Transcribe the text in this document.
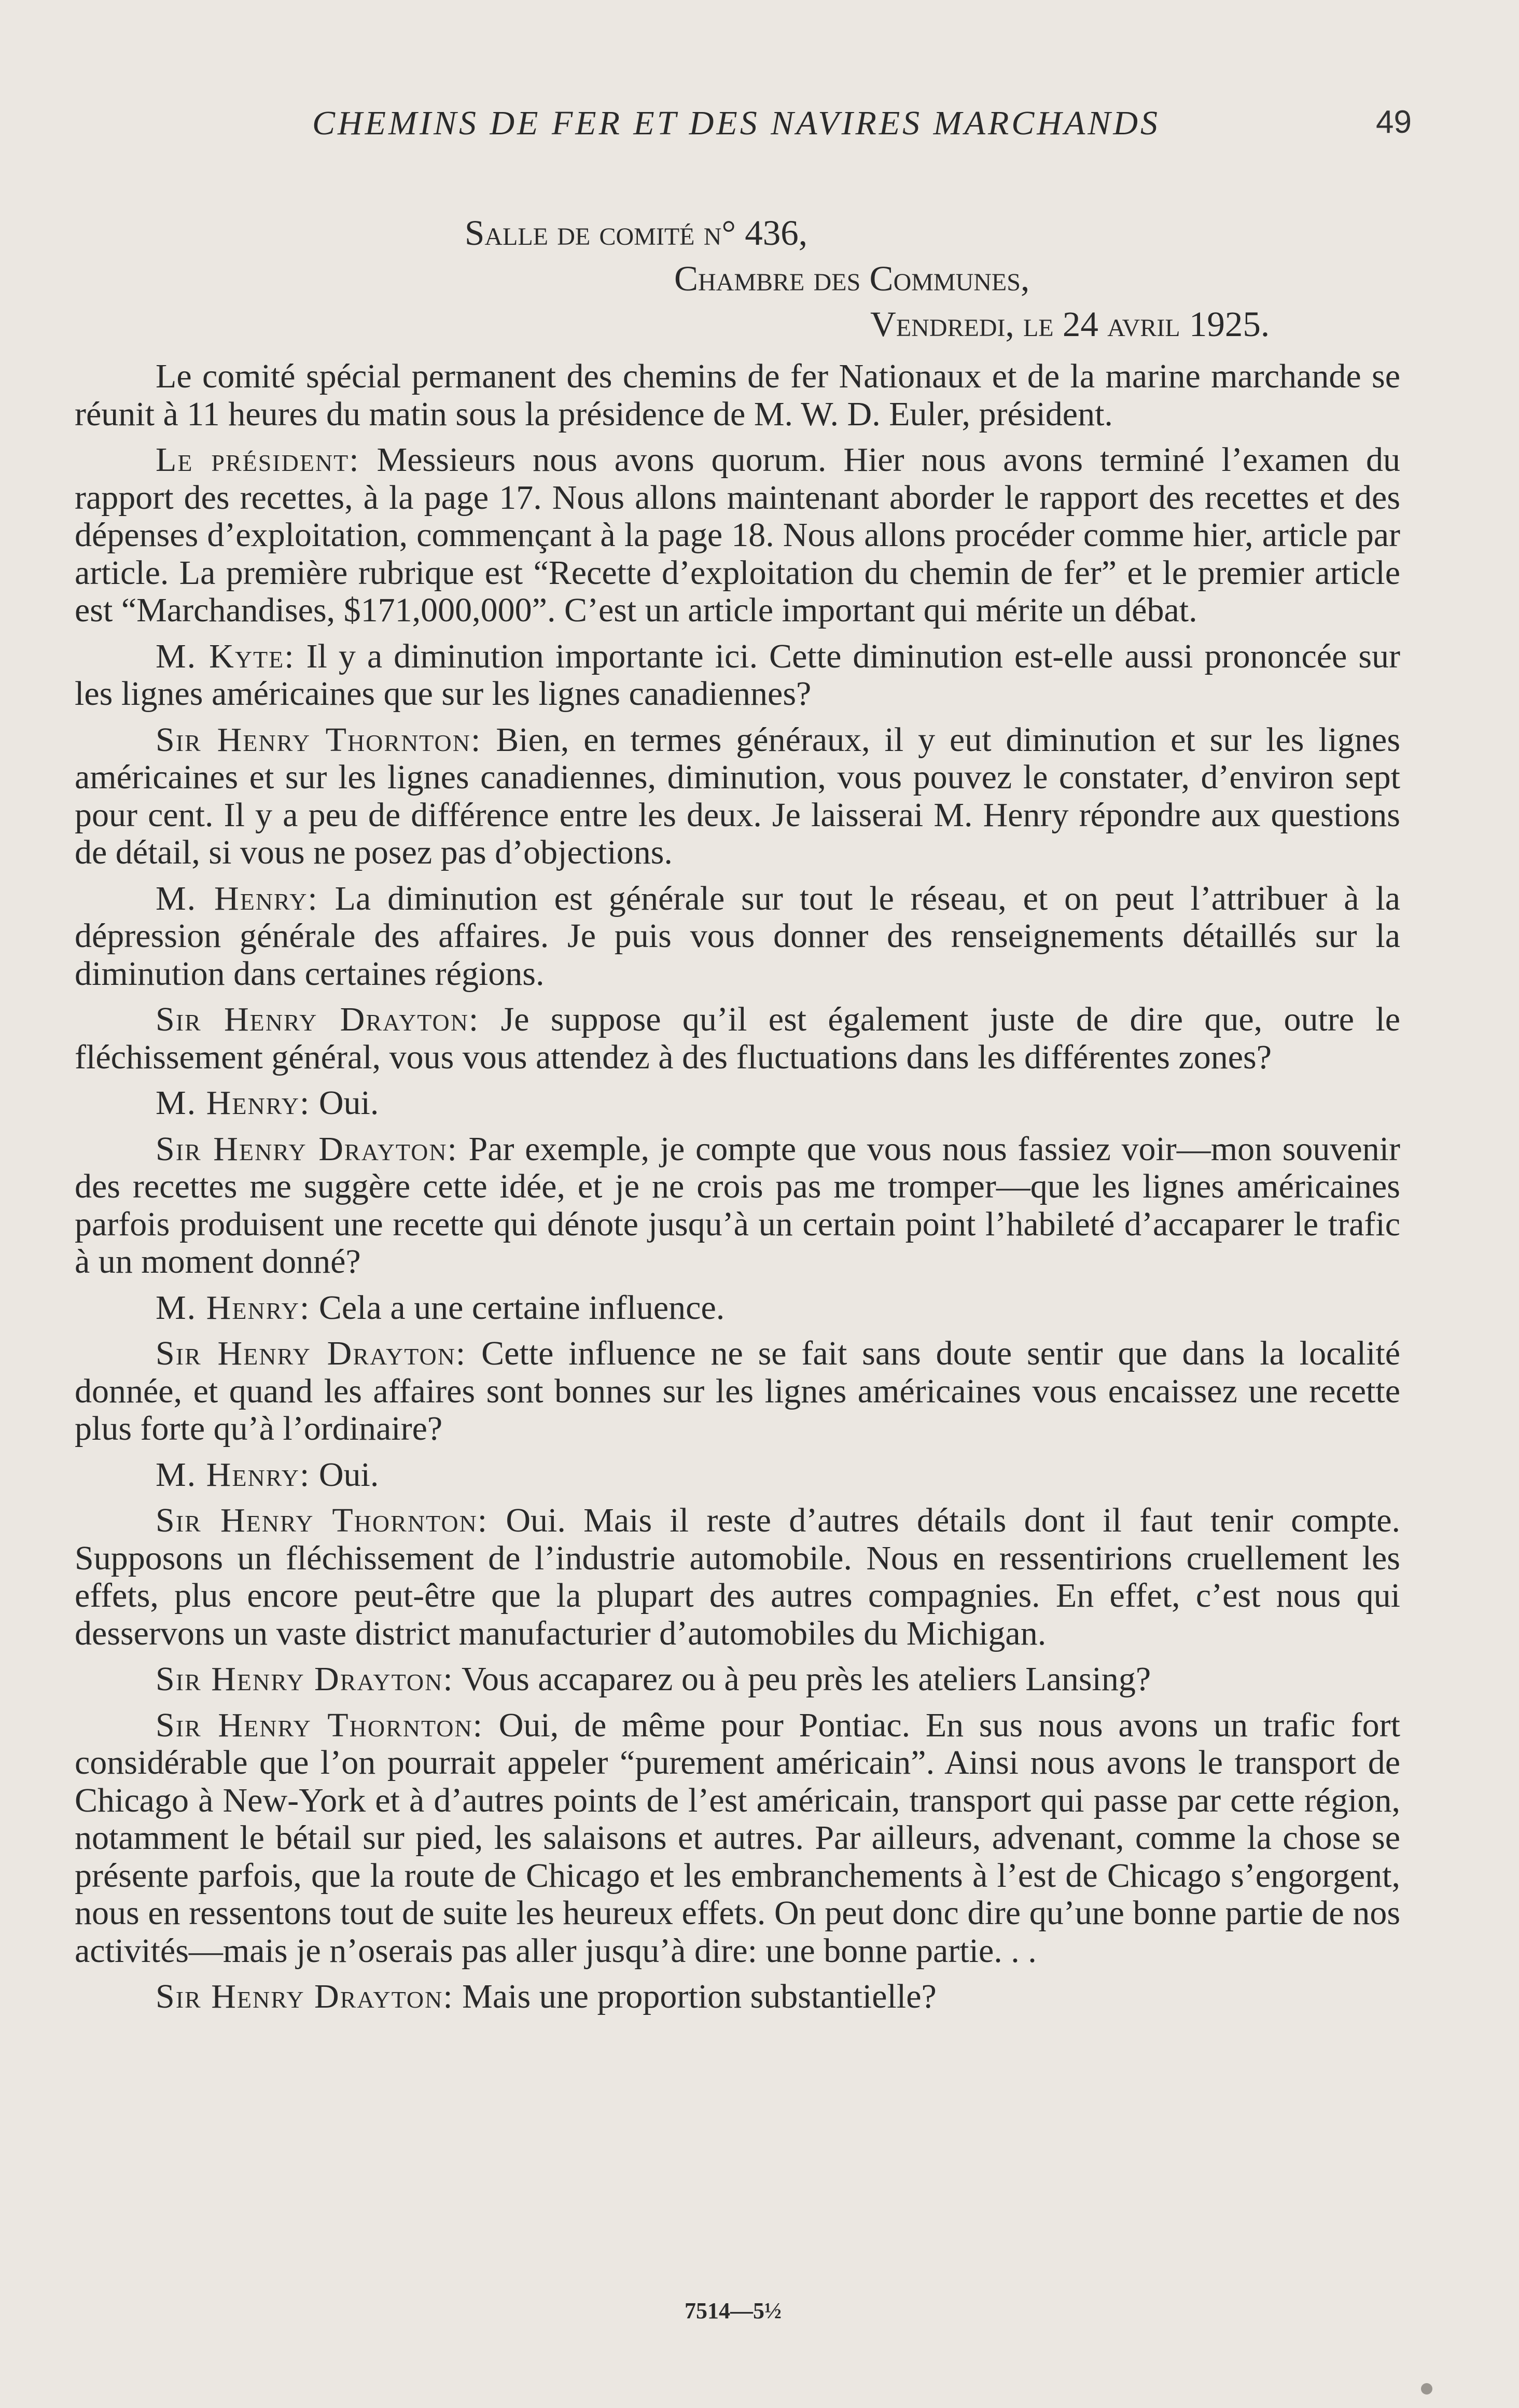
CHEMINS DE FER ET DES NAVIRES MARCHANDS	49
Salle de comité n° 436,
Chambre des Communes,
Vendredi, le 24 avril 1925.

Le comité spécial permanent des chemins de fer Nationaux et de la marine marchande se réunit à 11 heures du matin sous la présidence de M. W. D. Euler, président.

Le président: Messieurs nous avons quorum. Hier nous avons terminé l’examen du rapport des recettes, à la page 17. Nous allons maintenant aborder le rapport des recettes et des dépenses d’exploitation, commençant à la page 18. Nous allons procéder comme hier, article par article. La première rubrique est “Recette d’exploitation du chemin de fer” et le premier article est “Marchandises, $171,000,000”. C’est un article important qui mérite un débat.

M. Kyte: Il y a diminution importante ici. Cette diminution est-elle aussi prononcée sur les lignes américaines que sur les lignes canadiennes?

Sir Henry Thornton: Bien, en termes généraux, il y eut diminution et sur les lignes américaines et sur les lignes canadiennes, diminution, vous pouvez le constater, d’environ sept pour cent. Il y a peu de différence entre les deux. Je laisserai M. Henry répondre aux questions de détail, si vous ne posez pas d’objections.

M. Henry: La diminution est générale sur tout le réseau, et on peut l’attribuer à la dépression générale des affaires. Je puis vous donner des renseignements détaillés sur la diminution dans certaines régions.

Sir Henry Drayton: Je suppose qu’il est également juste de dire que, outre le fléchissement général, vous vous attendez à des fluctuations dans les différentes zones?

M. Henry: Oui.

Sir Henry Drayton: Par exemple, je compte que vous nous fassiez voir—mon souvenir des recettes me suggère cette idée, et je ne crois pas me tromper—que les lignes américaines parfois produisent une recette qui dénote jusqu’à un certain point l’habileté d’accaparer le trafic à un moment donné?

M. Henry: Cela a une certaine influence.

Sir Henry Drayton: Cette influence ne se fait sans doute sentir que dans la localité donnée, et quand les affaires sont bonnes sur les lignes américaines vous encaissez une recette plus forte qu’à l’ordinaire?

M. Henry: Oui.

Sir Henry Thornton: Oui. Mais il reste d’autres détails dont il faut tenir compte. Supposons un fléchissement de l’industrie automobile. Nous en ressentirions cruellement les effets, plus encore peut-être que la plupart des autres compagnies. En effet, c’est nous qui desservons un vaste district manufacturier d’automobiles du Michigan.

Sir Henry Drayton: Vous accaparez ou à peu près les ateliers Lansing?

Sir Henry Thornton: Oui, de même pour Pontiac. En sus nous avons un trafic fort considérable que l’on pourrait appeler “purement américain”. Ainsi nous avons le transport de Chicago à New-York et à d’autres points de l’est américain, transport qui passe par cette région, notamment le bétail sur pied, les salaisons et autres. Par ailleurs, advenant, comme la chose se présente parfois, que la route de Chicago et les embranchements à l’est de Chicago s’engorgent, nous en ressentons tout de suite les heureux effets. On peut donc dire qu’une bonne partie de nos activités—mais je n’oserais pas aller jusqu’à dire: une bonne partie. . .

Sir Henry Drayton: Mais une proportion substantielle?

7514—5½
